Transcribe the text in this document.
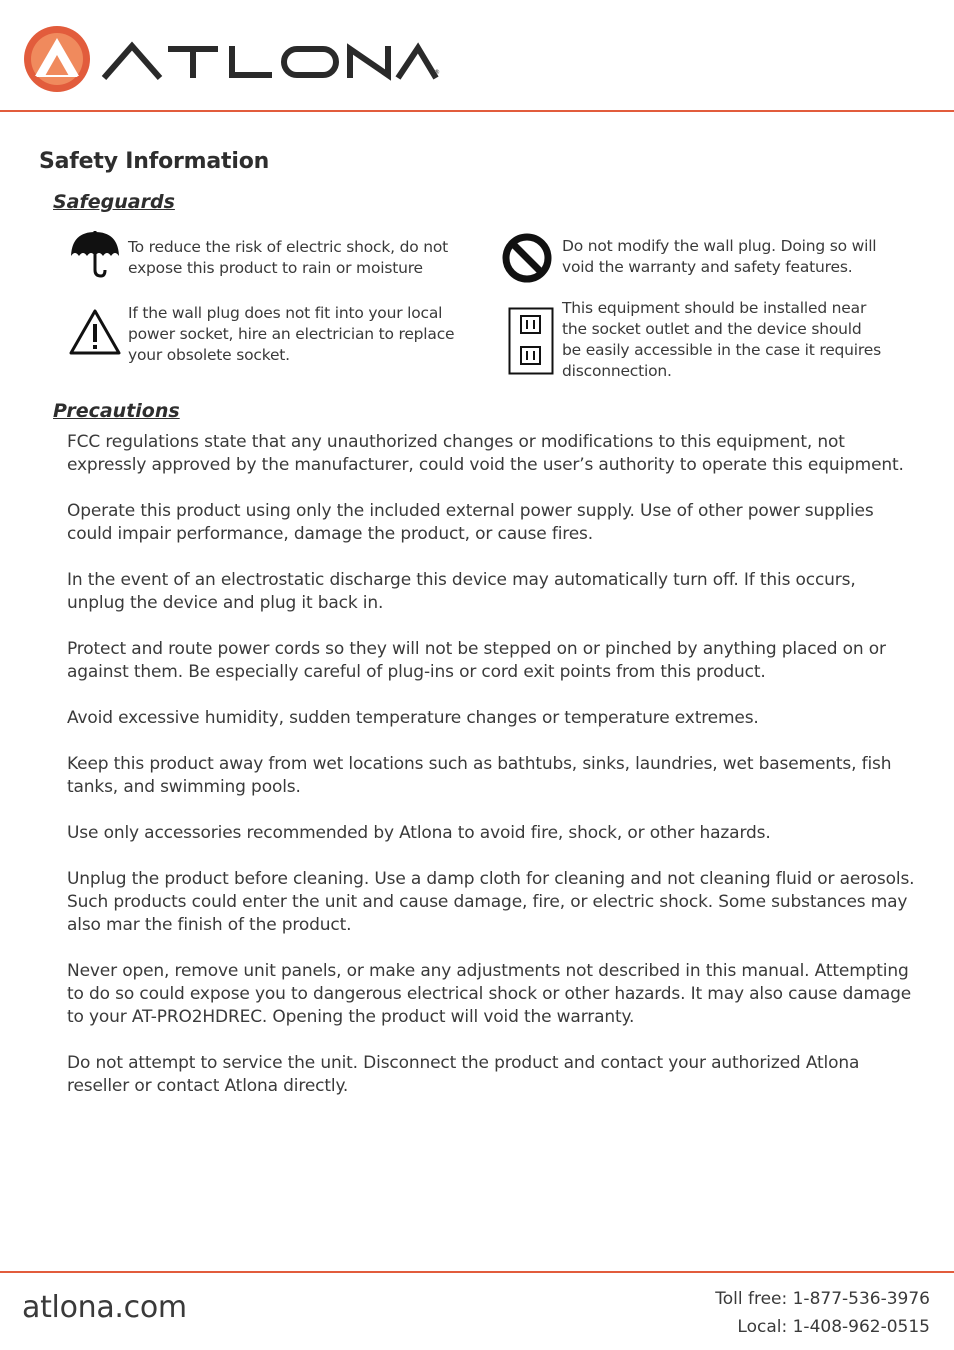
®
Safety Information
Safeguards

To reduce the risk of electric shock, do not expose this product to rain or moisture

Do not modify the wall plug. Doing so will void the warranty and safety features.

If the wall plug does not fit into your local power socket, hire an electrician to replace your obsolete socket.

This equipment should be installed near the socket outlet and the device should be easily accessible in the case it requires disconnection.

Precautions

FCC regulations state that any unauthorized changes or modifications to this equipment, not expressly approved by the manufacturer, could void the user’s authority to operate this equipment.

Operate this product using only the included external power supply. Use of other power supplies could impair performance, damage the product, or cause fires.

In the event of an electrostatic discharge this device may automatically turn off. If this occurs, unplug the device and plug it back in.

Protect and route power cords so they will not be stepped on or pinched by anything placed on or against them. Be especially careful of plug-ins or cord exit points from this product.

Avoid excessive humidity, sudden temperature changes or temperature extremes.

Keep this product away from wet locations such as bathtubs, sinks, laundries, wet basements, fish tanks, and swimming pools.

Use only accessories recommended by Atlona to avoid fire, shock, or other hazards.

Unplug the product before cleaning. Use a damp cloth for cleaning and not cleaning fluid or aerosols. Such products could enter the unit and cause damage, fire, or electric shock. Some substances may also mar the finish of the product.

Never open, remove unit panels, or make any adjustments not described in this manual. Attempting to do so could expose you to dangerous electrical shock or other hazards. It may also cause damage to your AT-PRO2HDREC. Opening the product will void the warranty.

Do not attempt to service the unit. Disconnect the product and contact your authorized Atlona reseller or contact Atlona directly.

atlona.com	Toll free: 1-877-536-3976
Local: 1-408-962-0515
